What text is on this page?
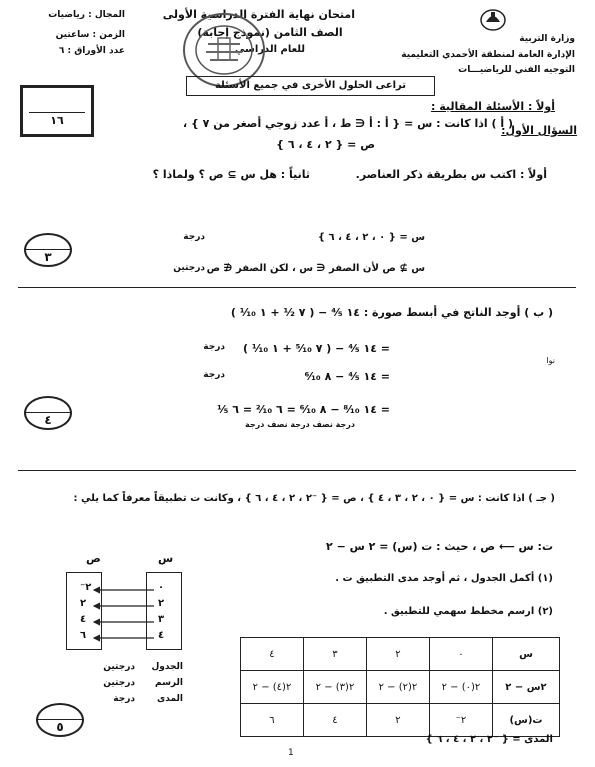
المجال : رياضيات
الزمن : ساعتين
عدد الأوراق : ٦
امتحان نهاية الفترة الدراسية الأولى
الصف الثامن (نموذج إجابة)
للعام الدراسي
وزارة التربية
الإدارة العامة لمنطقة الأحمدي التعليمية
التوجيه الفني للرياضيـــات
١٦
تراعى الحلول الأخرى في جميع الأسئلة
أولاً : الأسئلة المقالية :
السؤال الأول:
( أ ) اذا كانت : س = { أ : أ ∈ ط ، أ عدد زوجي أصغر من ٧ } ،
ص = { ٢ ، ٤ ، ٦ }
أولاً : اكتب س بطريقة ذكر العناصر.
ثانياً : هل س ⊇ ص ؟ ولماذا ؟
س = { ٠ ، ٢ ، ٤ ، ٦ }
درجة
س ⊉ ص لأن الصفر ∈ س ، لكن الصفر ∉ ص
درجتين
٣
( ب ) أوجد الناتج في أبسط صورة : ١٤ ⁴⁄₅ − ( ٧ ¹⁄₂ + ١ ¹⁄₁₀ )
= ١٤ ⁴⁄₅ − ( ٧ ⁵⁄₁₀ + ١ ¹⁄₁₀ )
درجة
= ١٤ ⁴⁄₅ − ٨ ⁶⁄₁₀
درجة
= ١٤ ⁸⁄₁₀ − ٨ ⁶⁄₁₀ = ٦ ²⁄₁₀ = ٦ ¹⁄₅
درجة نصف درجة نصف درجة
نوا
٤
( جـ ) اذا كانت : س = { ٠ ، ٢ ، ٣ ، ٤ } ، ص = { ⁻٢ ، ٢ ، ٤ ، ٦ } ، وكانت ت تطبيقاً معرفاً كما يلي :
ت: س ⟵ ص ، حيث : ت (س) = ٢ س − ٢
(١) أكمل الجدول ، ثم أوجد مدى التطبيق ت .
(٢) ارسم مخطط سهمي للتطبيق .
س
ص
⁻٢
٢
٤
٦
٠
٢
٣
٤
الجدول
الرسم
المدى
درجتين
درجتين
درجة
٥
٤	٣	٢	٠	س
٢(٤) − ٢	٢(٣) − ٢	٢(٢) − ٢	٢(٠) − ٢	٢س − ٢
٦	٤	٢	⁻٢	ت(س)
المدى = { ⁻٢ ، ٢ ، ٤ ، ٦ }
1
